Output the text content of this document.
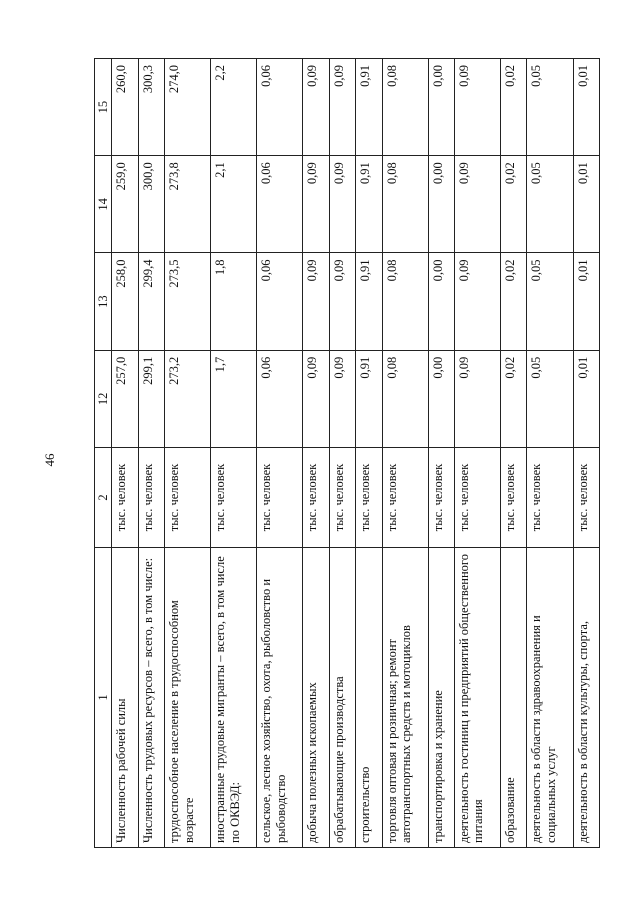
46
1	2	12	13	14	15
Численность рабочей силы	тыс. человек	257,0	258,0	259,0	260,0
Численность трудовых ресурсов – всего, в том числе:	тыс. человек	299,1	299,4	300,0	300,3
трудоспособное население в трудоспособном возрасте	тыс. человек	273,2	273,5	273,8	274,0
иностранные трудовые мигранты – всего, в том числе по ОКВЭД:	тыс. человек	1,7	1,8	2,1	2,2
сельское, лесное хозяйство, охота, рыболовство и рыбоводство	тыс. человек	0,06	0,06	0,06	0,06
добыча полезных ископаемых	тыс. человек	0,09	0,09	0,09	0,09
обрабатывающие производства	тыс. человек	0,09	0,09	0,09	0,09
строительство	тыс. человек	0,91	0,91	0,91	0,91
торговля оптовая и розничная; ремонт автотранспортных средств и мотоциклов	тыс. человек	0,08	0,08	0,08	0,08
транспортировка и хранение	тыс. человек	0,00	0,00	0,00	0,00
деятельность гостиниц и предприятий общественного питания	тыс. человек	0,09	0,09	0,09	0,09
образование	тыс. человек	0,02	0,02	0,02	0,02
деятельность в области здравоохранения и социальных услуг	тыс. человек	0,05	0,05	0,05	0,05
деятельность в области культуры, спорта,	тыс. человек	0,01	0,01	0,01	0,01
